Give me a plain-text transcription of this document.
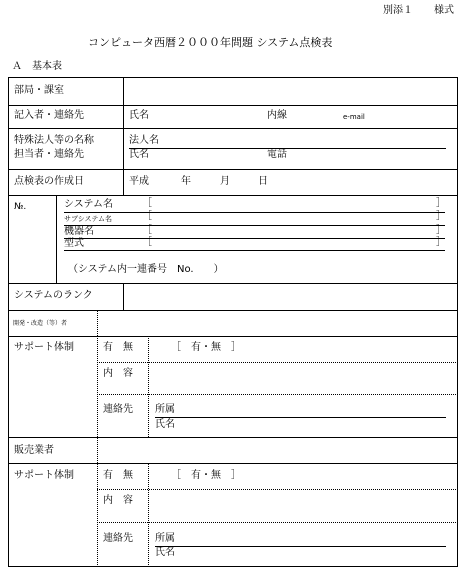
別添１ 様式
コンピュータ西暦２０００年問題 システム点検表
Ａ　基本表
部局・課室
記入者・連絡先	氏名	内線	e-mail
特殊法人等の名称
担当者・連絡先
法人名
氏名	電話
点検表の作成日	平成	年	月	日
№.	システム名	［	］
サブシステム名	［	］
機器名	［	］
型式	［	］
（システム内一連番号　No.　　）
システムのランク
開発・改造（等）者
サポート体制	有　無	［　有・無　］
内　容
連絡先 所属
氏名
販売業者
サポート体制	有　無	［　有・無　］
内　容
連絡先 所属
氏名
